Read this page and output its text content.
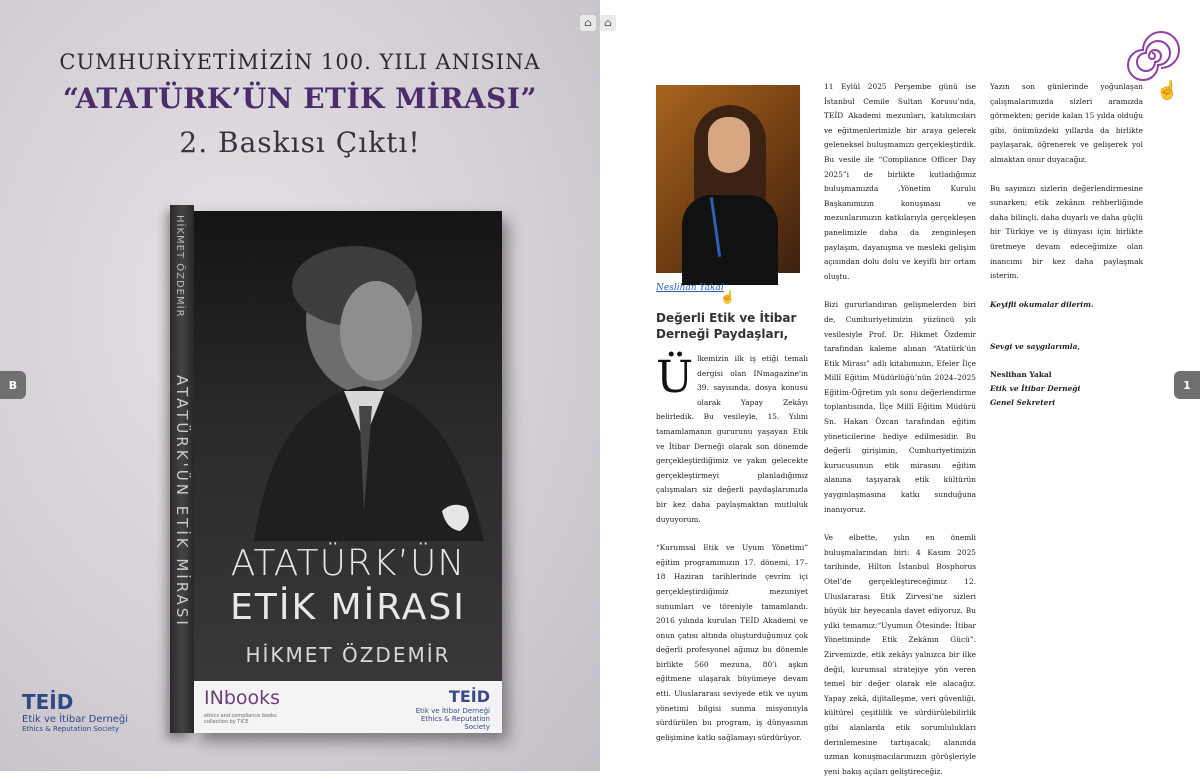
CUMHURİYETİMİZİN 100. YILI ANISINA
“ATATÜRK’ÜN ETİK MİRASI”
2. Baskısı Çıktı!
HİKMET ÖZDEMİR
ATATÜRK'ÜN ETİK MİRASI	ATATÜRK’ÜN
ETİK MİRASI
HİKMET ÖZDEMİR
INbooks
ethics and compliance books collection by TICE
TEİD
Etik ve İtibar Derneği Ethics & Reputation Society
TEİD
Etik ve İtibar Derneği
Ethics & Reputation Society
B
⌂	⌂
Neslihan Yakal
☝
Değerli Etik ve İtibar Derneği Paydaşları,
Ü lkemizin ilk iş etiği temalı dergisi olan INmagazine'in 39. sayısında, dosya konusu olarak Yapay Zekâyı belirledik. Bu vesileyle, 15. Yılını tamamlamanın gururunu yaşayan Etik ve İtibar Derneği olarak son dönemde gerçekleştirdiğimiz ve yakın gelecekte gerçekleştirmeyi planladığımız çalışmaları siz değerli paydaşlarımızla bir kez daha paylaşmaktan mutluluk duyuyorum.
“Kurumsal Etik ve Uyum Yönetimi” eğitim programımızın 17. dönemi, 17–18 Haziran tarihlerinde çevrim içi gerçekleştirdiğimiz mezuniyet sunumları ve töreniyle tamamlandı. 2016 yılında kurulan TEİD Akademi ve onun çatısı altında oluşturduğumuz çok değerli profesyonel ağımız bu dönemle birlikte 560 mezuna, 80’i aşkın eğitmene ulaşarak büyümeye devam etti. Uluslararası seviyede etik ve uyum yönetimi bilgisi sunma misyonuyla sürdürülen bu program, iş dünyasının gelişimine katkı sağlamayı sürdürüyor.
11 Eylül 2025 Perşembe günü ise İstanbul Cemile Sultan Korusu’nda, TEİD Akademi mezunları, katılımcıları ve eğitmenlerimizle bir araya gelerek geleneksel buluşmamızı gerçekleştirdik. Bu vesile ile “Compliance Officer Day 2025”i de birlikte kutladığımız buluşmamızda ,Yönetim Kurulu Başkanımızın konuşması ve mezunlarımızın katkılarıyla gerçekleşen panelimizle daha da zenginleşen paylaşım, dayanışma ve mesleki gelişim açısından dolu dolu ve keyifli bir ortam oluştu.
Bizi gururlandıran gelişmelerden biri de, Cumhuriyetimizin yüzüncü yılı vesilesiyle Prof. Dr. Hikmet Özdemir tarafından kaleme alınan “Atatürk’ün Etik Mirası” adlı kitabımızın, Efeler İlçe Millî Eğitim Müdürlüğü’nün 2024–2025 Eğitim-Öğretim yılı sonu değerlendirme toplantısında, İlçe Millî Eğitim Müdürü Sn. Hakan Özcan tarafından eğitim yöneticilerine hediye edilmesidir. Bu değerli girişimin, Cumhuriyetimizin kurucusunun etik mirasını eğitim alanına taşıyarak etik kültürün yaygınlaşmasına katkı sunduğuna inanıyoruz.
Ve elbette, yılın en önemli buluşmalarından biri: 4 Kasım 2025 tarihinde, Hilton İstanbul Bosphorus Otel’de gerçekleştireceğimiz 12. Uluslararası Etik Zirvesi’ne sizleri büyük bir heyecanla davet ediyoruz. Bu yılki temamız:“Uyumun Ötesinde: İtibar Yönetiminde Etik Zekânın Gücü”. Zirvemizde, etik zekâyı yalnızca bir ilke değil, kurumsal stratejiye yön veren temel bir değer olarak ele alacağız. Yapay zekâ, dijitalleşme, veri güvenliği, kültürel çeşitlilik ve sürdürülebilirlik gibi alanlarda etik sorumlulukları derinlemesine tartışacak; alanında uzman konuşmacılarımızın görüşleriyle yeni bakış açıları geliştireceğiz.
Yazın son günlerinde yoğunlaşan çalışmalarımızda sizleri aramızda görmekten; geride kalan 15 yılda olduğu gibi, önümüzdeki yıllarda da birlikte paylaşarak, öğrenerek ve gelişerek yol almaktan onur duyacağız.
Bu sayımızı sizlerin değerlendirmesine sunarken; etik zekânın rehberliğinde daha bilinçli, daha duyarlı ve daha güçlü bir Türkiye ve iş dünyası için birlikte üretmeye devam edeceğimize olan inancımı bir kez daha paylaşmak isterim.
Keyifli okumalar dilerim.
Sevgi ve saygılarımla,
Neslihan Yakal
Etik ve İtibar Derneği
Genel Sekreteri
☝
1
